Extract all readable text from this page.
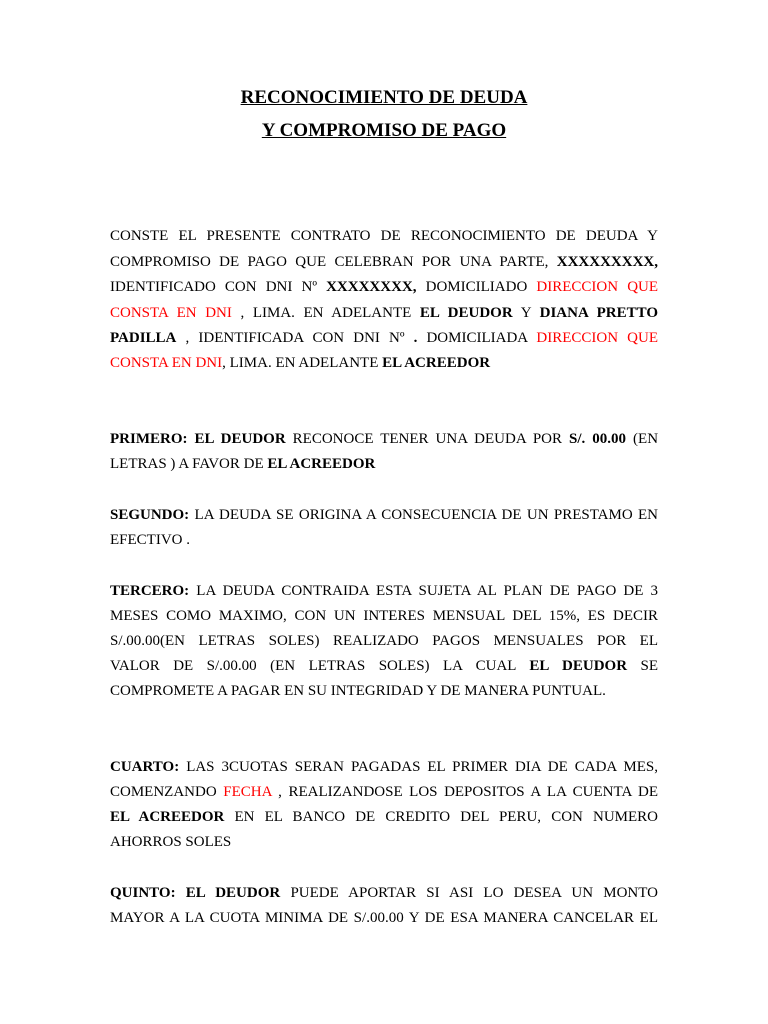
RECONOCIMIENTO DE DEUDA
Y COMPROMISO DE PAGO
CONSTE EL PRESENTE CONTRATO DE RECONOCIMIENTO DE DEUDA Y
COMPROMISO DE PAGO QUE CELEBRAN POR UNA PARTE, XXXXXXXXX,
IDENTIFICADO CON DNI Nº XXXXXXXX, DOMICILIADO DIRECCION QUE
CONSTA EN DNI , LIMA. EN ADELANTE EL DEUDOR Y DIANA PRETTO
PADILLA , IDENTIFICADA CON DNI Nº . DOMICILIADA DIRECCION QUE
CONSTA EN DNI, LIMA. EN ADELANTE EL ACREEDOR
PRIMERO: EL DEUDOR RECONOCE TENER UNA DEUDA POR S/. 00.00 (EN
LETRAS ) A FAVOR DE EL ACREEDOR
SEGUNDO: LA DEUDA SE ORIGINA A CONSECUENCIA DE UN PRESTAMO EN
EFECTIVO .
TERCERO: LA DEUDA CONTRAIDA ESTA SUJETA AL PLAN DE PAGO DE 3
MESES COMO MAXIMO, CON UN INTERES MENSUAL DEL 15%, ES DECIR
S/.00.00(EN LETRAS SOLES) REALIZADO PAGOS MENSUALES POR EL
VALOR DE S/.00.00 (EN LETRAS SOLES) LA CUAL EL DEUDOR SE
COMPROMETE A PAGAR EN SU INTEGRIDAD Y DE MANERA PUNTUAL.
CUARTO: LAS 3CUOTAS SERAN PAGADAS EL PRIMER DIA DE CADA MES,
COMENZANDO FECHA , REALIZANDOSE LOS DEPOSITOS A LA CUENTA DE
EL ACREEDOR EN EL BANCO DE CREDITO DEL PERU, CON NUMERO
AHORROS SOLES
QUINTO: EL DEUDOR PUEDE APORTAR SI ASI LO DESEA UN MONTO
MAYOR A LA CUOTA MINIMA DE S/.00.00 Y DE ESA MANERA CANCELAR EL
